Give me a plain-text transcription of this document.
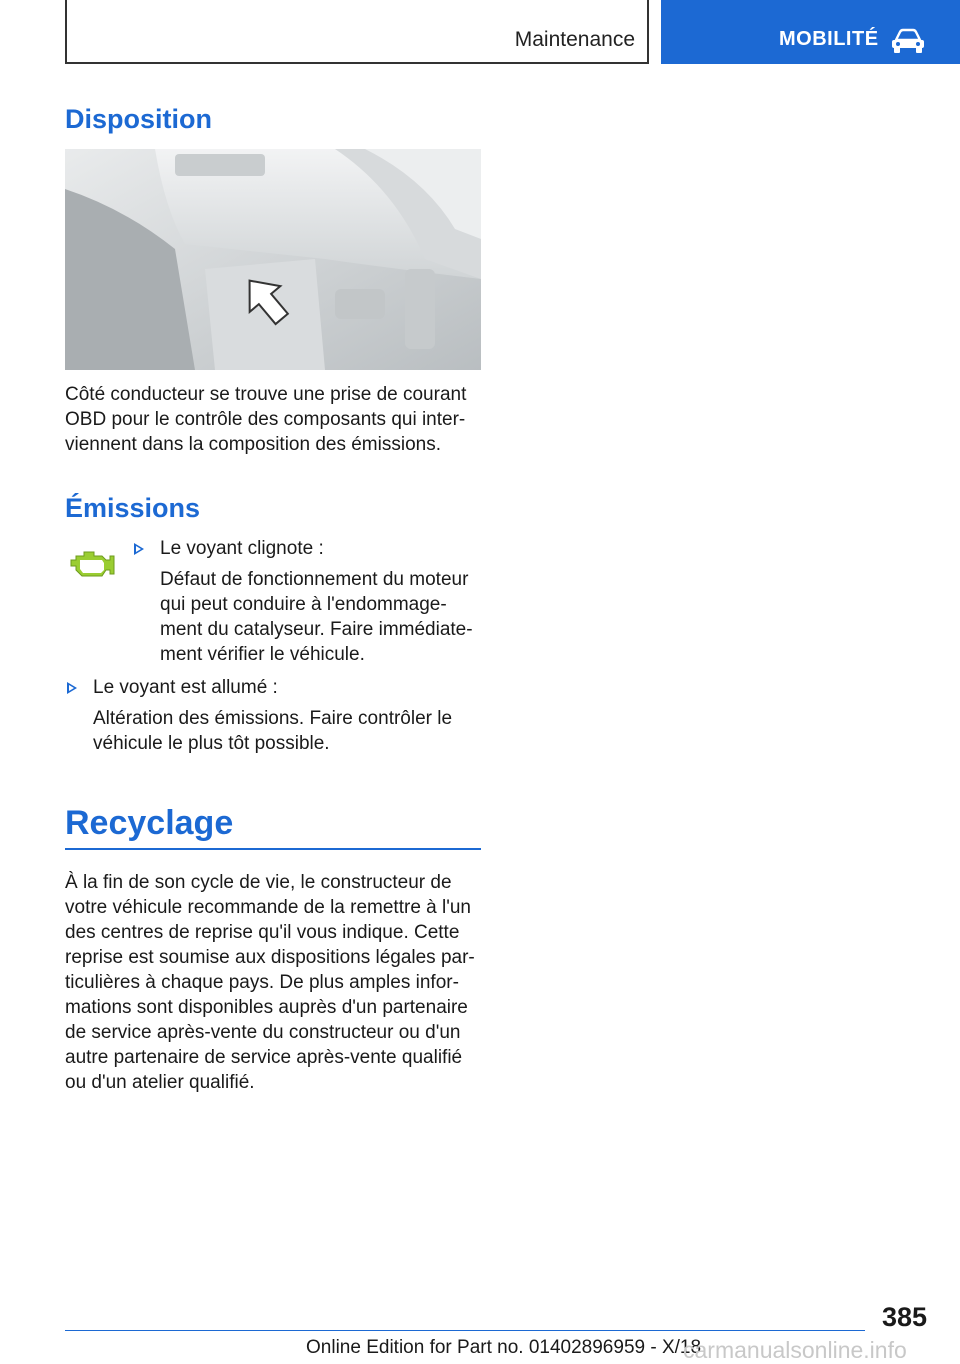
Maintenance	MOBILITÉ
Disposition
Côté conducteur se trouve une prise de courant
OBD pour le contrôle des composants qui inter-
viennent dans la composition des émissions.
Émissions
Le voyant clignote :
Défaut de fonctionnement du moteur
qui peut conduire à l'endommage-
ment du catalyseur. Faire immédiate-
ment vérifier le véhicule.
Le voyant est allumé :
Altération des émissions. Faire contrôler le
véhicule le plus tôt possible.
Recyclage
À la fin de son cycle de vie, le constructeur de
votre véhicule recommande de la remettre à l'un
des centres de reprise qu'il vous indique. Cette
reprise est soumise aux dispositions légales par-
ticulières à chaque pays. De plus amples infor-
mations sont disponibles auprès d'un partenaire
de service après-vente du constructeur ou d'un
autre partenaire de service après-vente qualifié
ou d'un atelier qualifié.
385
Online Edition for Part no. 01402896959 - X/18
carmanualsonline.info
